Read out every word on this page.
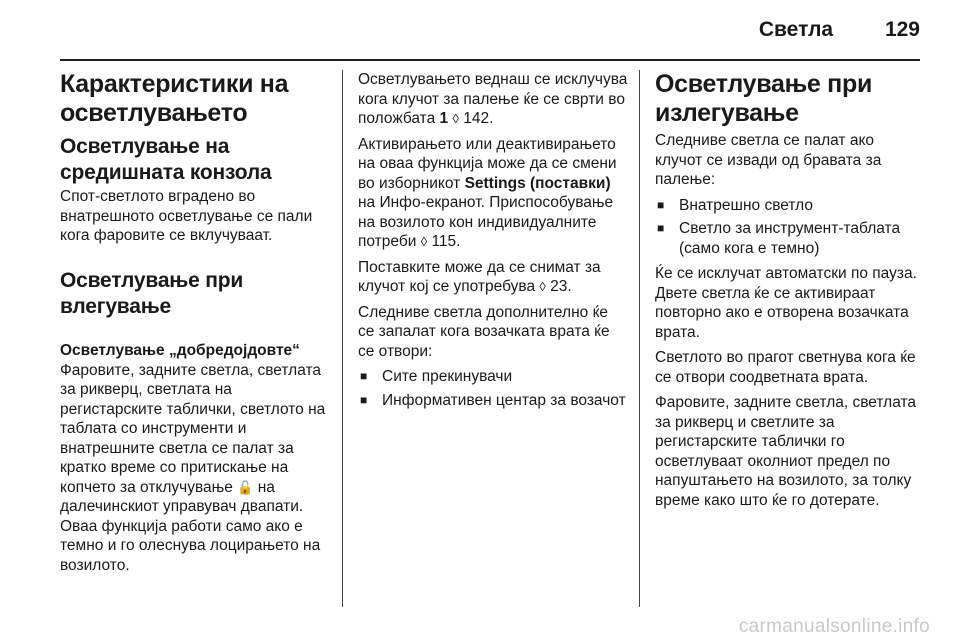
Светла 129
Карактеристики на осветлувањето
Осветлување на средишната конзола

Спот-светлото вградено во внатрешното осветлување се пали кога фаровите се вклучуваат.

Осветлување при влегување
Осветлување „добредојдовте“

Фаровите, задните светла, светлата за рикверц, светлата на регистарските таблички, светлото на таблата со инструменти и внатрешните светла се палат за кратко време со притискање на копчето за отклучување 🔓 на далечинскиот управувач двапати. Оваа функција работи само ако е темно и го олеснува лоцирањето на возилото.

Осветлувањето веднаш се исклучува кога клучот за палење ќе се сврти во положбата 1 ◊ 142.

Активирањето или деактивирањето на оваа функција може да се смени во изборникот Settings (поставки) на Инфо-екранот. Приспособување на возилото кон индивидуалните потреби ◊ 115.

Поставките може да се снимат за клучот кој се употребува ◊ 23.

Следниве светла дополнително ќе се запалат кога возачката врата ќе се отвори:

■ Сите прекинувачи
■ Информативен центар за возачот
Осветлување при излегување

Следниве светла се палат ако клучот се извади од бравата за палење:

■ Внатрешно светло
■ Светло за инструмент-таблата (само кога е темно)

Ќе се исклучат автоматски по пауза. Двете светла ќе се активираат повторно ако е отворена возачката врата.

Светлото во прагот светнува кога ќе се отвори соодветната врата.

Фаровите, задните светла, светлата за рикверц и светлите за регистарските таблички го осветлуваат околниот предел по напуштањето на возилото, за толку време како што ќе го дотерате.

carmanualsonline.info
